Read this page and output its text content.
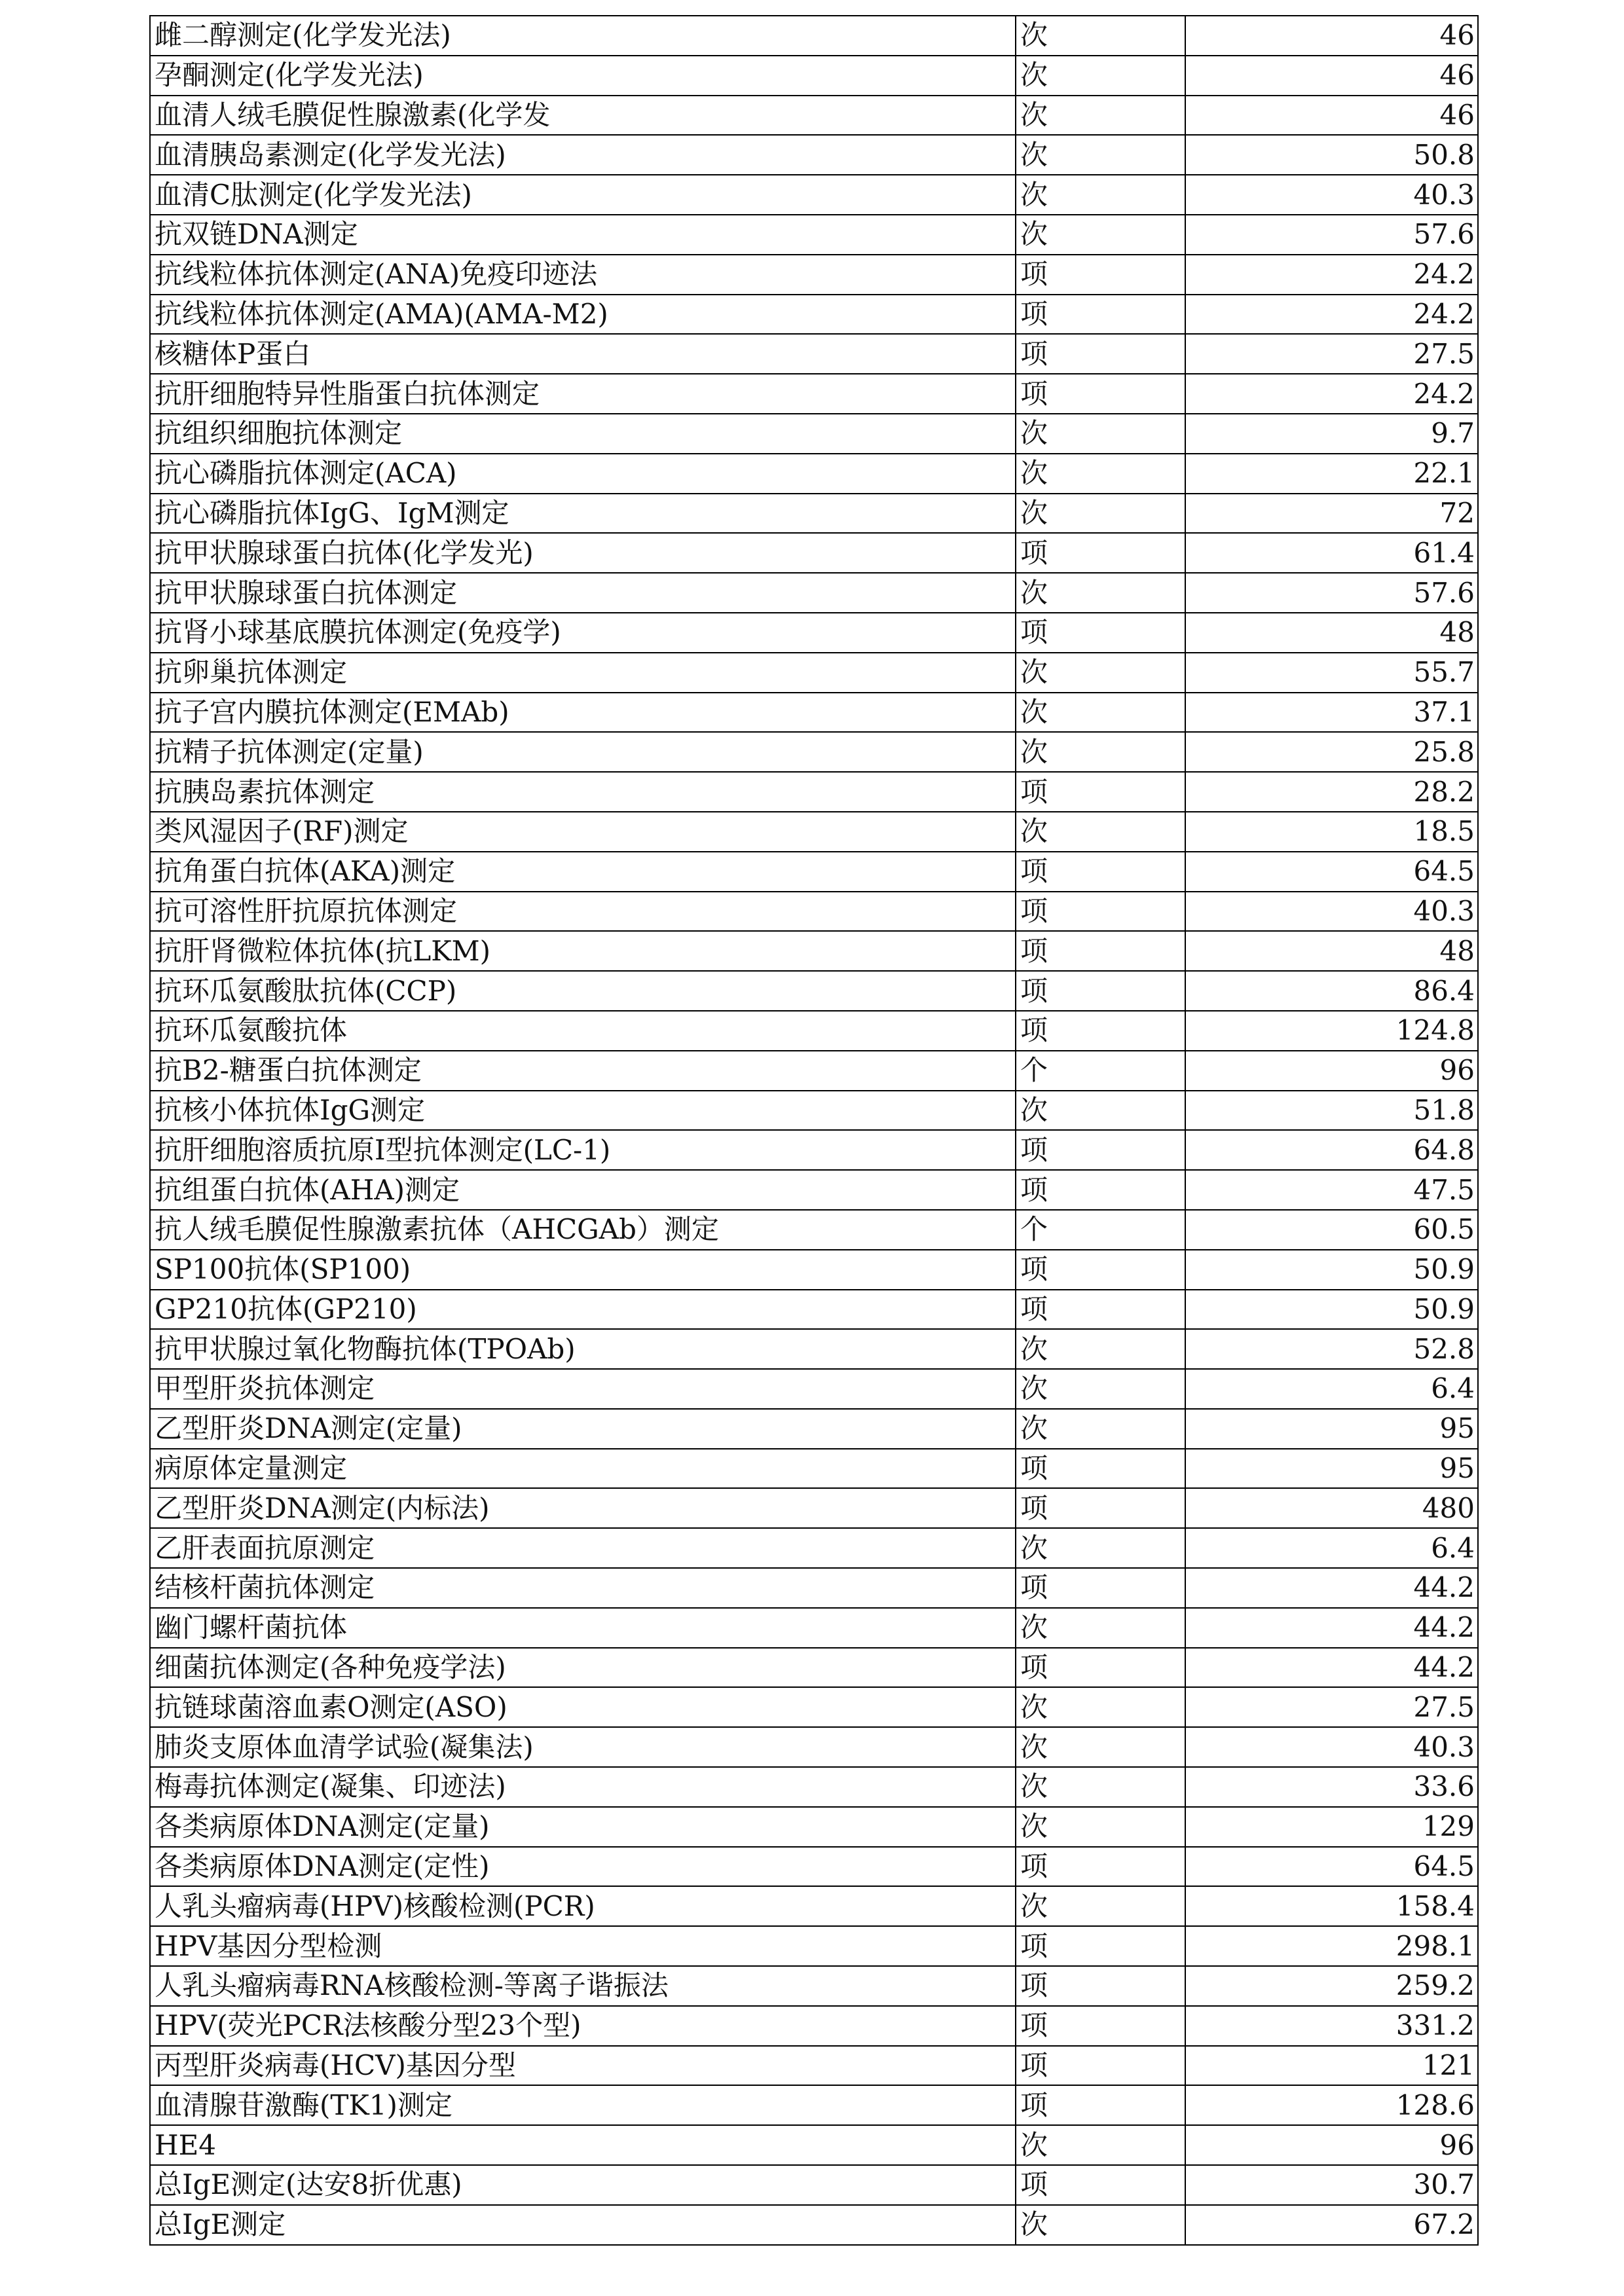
雌二醇测定(化学发光法)	次	46
孕酮测定(化学发光法)	次	46
血清人绒毛膜促性腺激素(化学发	次	46
血清胰岛素测定(化学发光法)	次	50.8
血清C肽测定(化学发光法)	次	40.3
抗双链DNA测定	次	57.6
抗线粒体抗体测定(ANA)免疫印迹法	项	24.2
抗线粒体抗体测定(AMA)(AMA-M2)	项	24.2
核糖体P蛋白	项	27.5
抗肝细胞特异性脂蛋白抗体测定	项	24.2
抗组织细胞抗体测定	次	9.7
抗心磷脂抗体测定(ACA)	次	22.1
抗心磷脂抗体IgG、IgM测定	次	72
抗甲状腺球蛋白抗体(化学发光)	项	61.4
抗甲状腺球蛋白抗体测定	次	57.6
抗肾小球基底膜抗体测定(免疫学)	项	48
抗卵巢抗体测定	次	55.7
抗子宫内膜抗体测定(EMAb)	次	37.1
抗精子抗体测定(定量)	次	25.8
抗胰岛素抗体测定	项	28.2
类风湿因子(RF)测定	次	18.5
抗角蛋白抗体(AKA)测定	项	64.5
抗可溶性肝抗原抗体测定	项	40.3
抗肝肾微粒体抗体(抗LKM)	项	48
抗环瓜氨酸肽抗体(CCP)	项	86.4
抗环瓜氨酸抗体	项	124.8
抗B2-糖蛋白抗体测定	个	96
抗核小体抗体IgG测定	次	51.8
抗肝细胞溶质抗原I型抗体测定(LC-1)	项	64.8
抗组蛋白抗体(AHA)测定	项	47.5
抗人绒毛膜促性腺激素抗体（AHCGAb）测定	个	60.5
SP100抗体(SP100)	项	50.9
GP210抗体(GP210)	项	50.9
抗甲状腺过氧化物酶抗体(TPOAb)	次	52.8
甲型肝炎抗体测定	次	6.4
乙型肝炎DNA测定(定量)	次	95
病原体定量测定	项	95
乙型肝炎DNA测定(内标法)	项	480
乙肝表面抗原测定	次	6.4
结核杆菌抗体测定	项	44.2
幽门螺杆菌抗体	次	44.2
细菌抗体测定(各种免疫学法)	项	44.2
抗链球菌溶血素O测定(ASO)	次	27.5
肺炎支原体血清学试验(凝集法)	次	40.3
梅毒抗体测定(凝集、印迹法)	次	33.6
各类病原体DNA测定(定量)	次	129
各类病原体DNA测定(定性)	项	64.5
人乳头瘤病毒(HPV)核酸检测(PCR)	次	158.4
HPV基因分型检测	项	298.1
人乳头瘤病毒RNA核酸检测-等离子谐振法	项	259.2
HPV(荧光PCR法核酸分型23个型)	项	331.2
丙型肝炎病毒(HCV)基因分型	项	121
血清腺苷激酶(TK1)测定	项	128.6
HE4	次	96
总IgE测定(达安8折优惠)	项	30.7
总IgE测定	次	67.2
